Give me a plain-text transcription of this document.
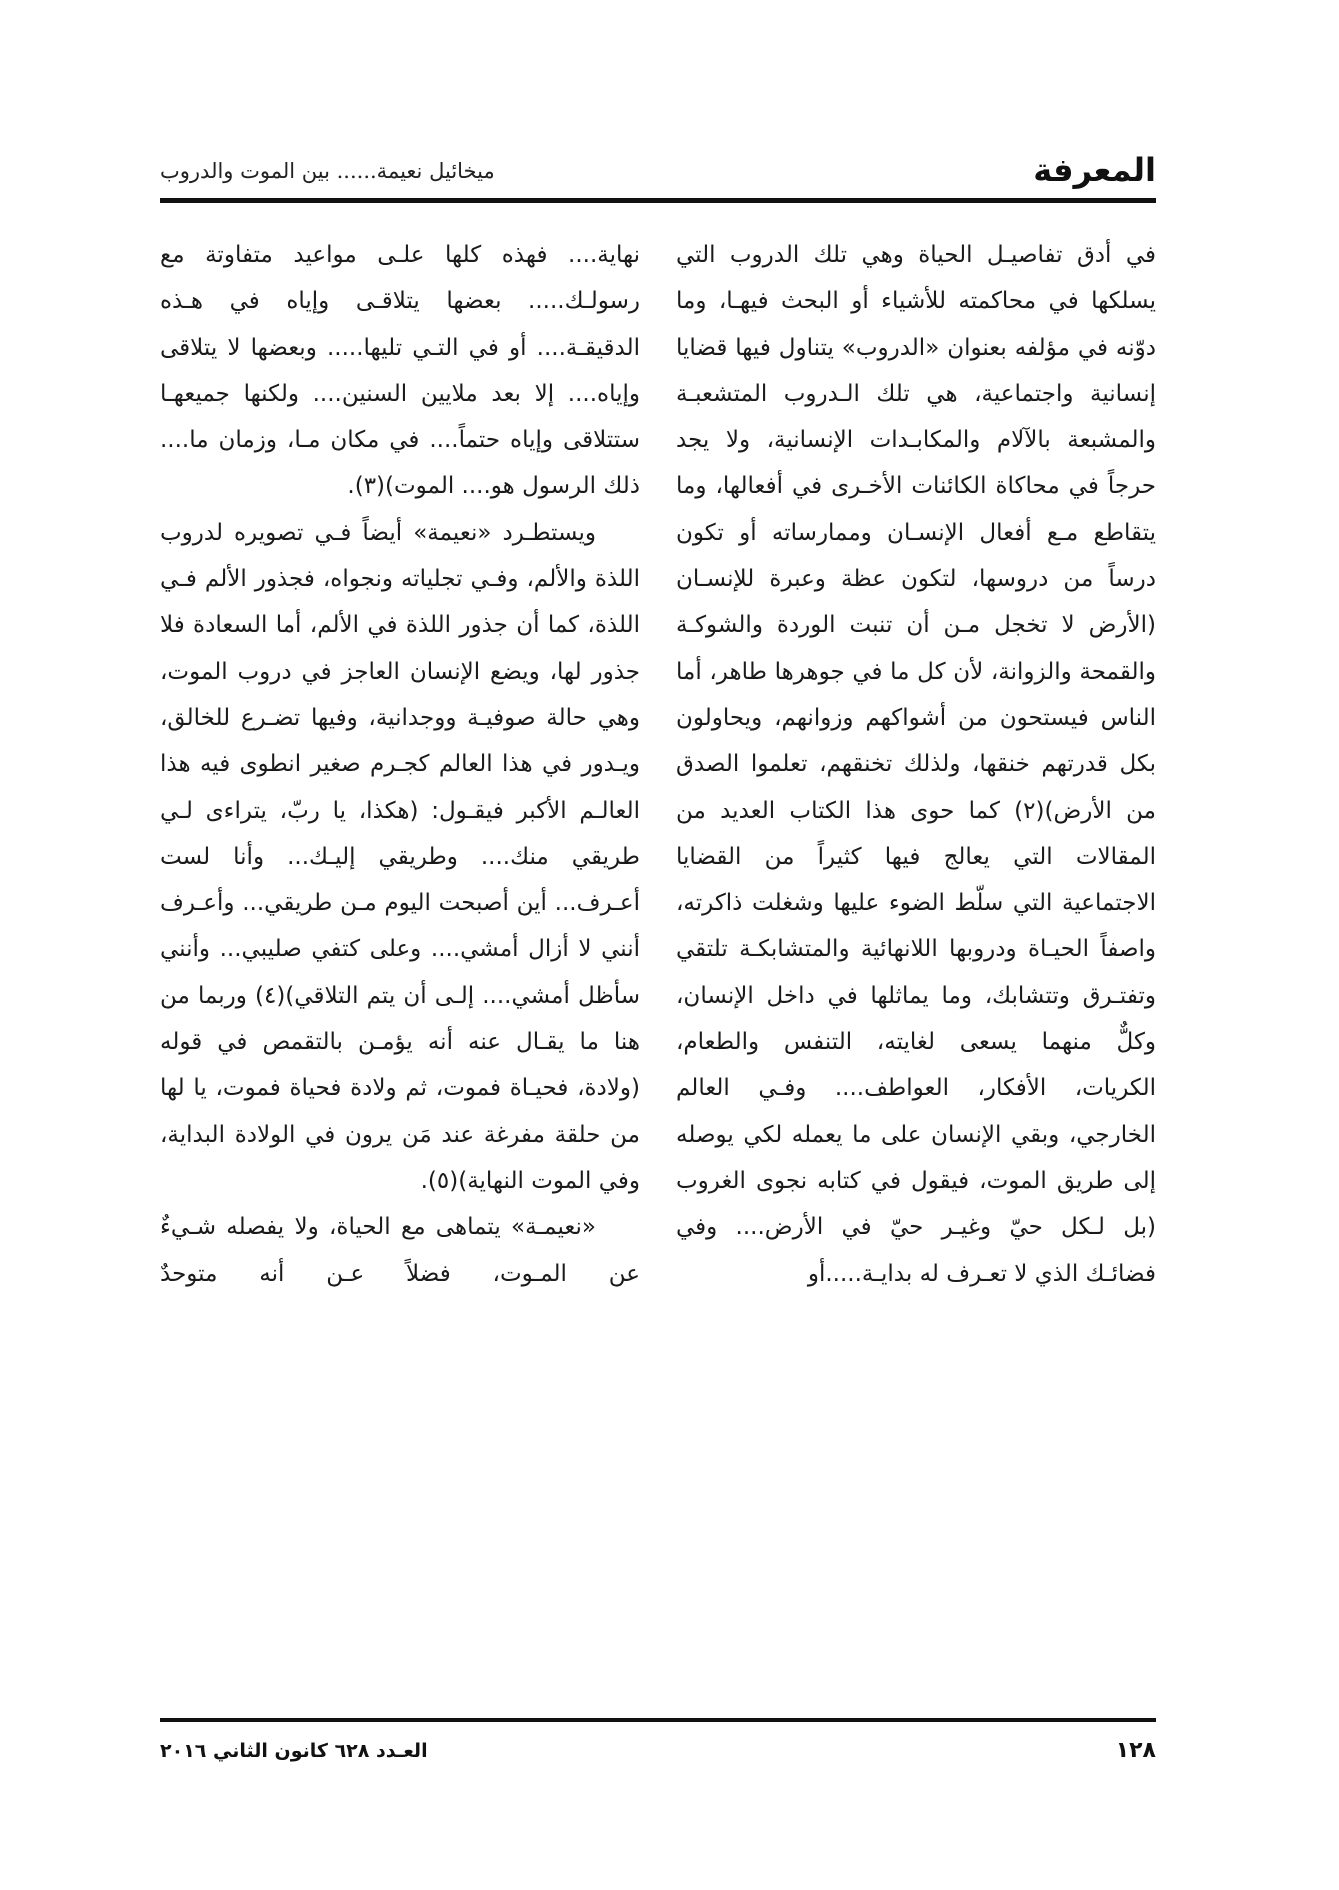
المعرفة
ميخائيل نعيمة...... بين الموت والدروب

في أدق تفاصيـل الحياة وهي تلك الدروب التي يسلكها في محاكمته للأشياء أو البحث فيهـا، وما دوّنه في مؤلفه بعنوان «الدروب» يتناول فيها قضايا إنسانية واجتماعية، هي تلك الـدروب المتشعبـة والمشبعة بالآلام والمكابـدات الإنسانية، ولا يجد حرجاً في محاكاة الكائنات الأخـرى في أفعالها، وما يتقاطع مـع أفعال الإنسـان وممارساته أو تكون درساً من دروسها، لتكون عظة وعبرة للإنسـان (الأرض لا تخجل مـن أن تنبت الوردة والشوكـة والقمحة والزوانة، لأن كل ما في جوهرها طاهر، أما الناس فيستحون من أشواكهم وزوانهم، ويحاولون بكل قدرتهم خنقها، ولذلك تخنقهم، تعلموا الصدق من الأرض)(٢) كما حوى هذا الكتاب العديد من المقالات التي يعالج فيها كثيراً من القضايا الاجتماعية التي سلّط الضوء عليها وشغلت ذاكرته، واصفاً الحيـاة ودروبها اللانهائية والمتشابكـة تلتقي وتفتـرق وتتشابك، وما يماثلها في داخل الإنسان، وكلٌّ منهما يسعى لغايته، التنفس والطعام، الكريات، الأفكار، العواطف.... وفـي العالم الخارجي، وبقي الإنسان على ما يعمله لكي يوصله إلى طريق الموت، فيقول في كتابه نجوى الغروب (بل لـكل حيّ وغيـر حيّ في الأرض.... وفي فضائـك الذي لا تعـرف له بدايـة.....أو

نهاية.... فهذه كلها علـى مواعيد متفاوتة مع رسولـك..... بعضها يتلاقـى وإياه في هـذه الدقيقـة.... أو في التـي تليها..... وبعضها لا يتلاقى وإياه.... إلا بعد ملايين السنين.... ولكنها جميعهـا ستتلاقى وإياه حتماً.... في مكان مـا، وزمان ما.... ذلك الرسول هو.... الموت)(٣).

ويستطـرد «نعيمة» أيضاً فـي تصويره لدروب اللذة والألم، وفـي تجلياته ونجواه، فجذور الألم فـي اللذة، كما أن جذور اللذة في الألم، أما السعادة فلا جذور لها، ويضع الإنسان العاجز في دروب الموت، وهي حالة صوفيـة ووجدانية، وفيها تضـرع للخالق، ويـدور في هذا العالم كجـرم صغير انطوى فيه هذا العالـم الأكبر فيقـول: (هكذا، يا ربّ، يتراءى لـي طريقي منك.... وطريقي إليـك... وأنا لست أعـرف... أين أصبحت اليوم مـن طريقي... وأعـرف أنني لا أزال أمشي.... وعلى كتفي صليبي... وأنني سأظل أمشي.... إلـى أن يتم التلاقي)(٤) وربما من هنا ما يقـال عنه أنه يؤمـن بالتقمص في قوله (ولادة، فحيـاة فموت، ثم ولادة فحياة فموت، يا لها من حلقة مفرغة عند مَن يرون في الولادة البداية، وفي الموت النهاية)(٥).

«نعيمـة» يتماهى مع الحياة، ولا يفصله شـيءٌ عن المـوت، فضلاً عـن أنه متوحدٌ

١٢٨
العـدد ٦٢٨ كانون الثاني ٢٠١٦
